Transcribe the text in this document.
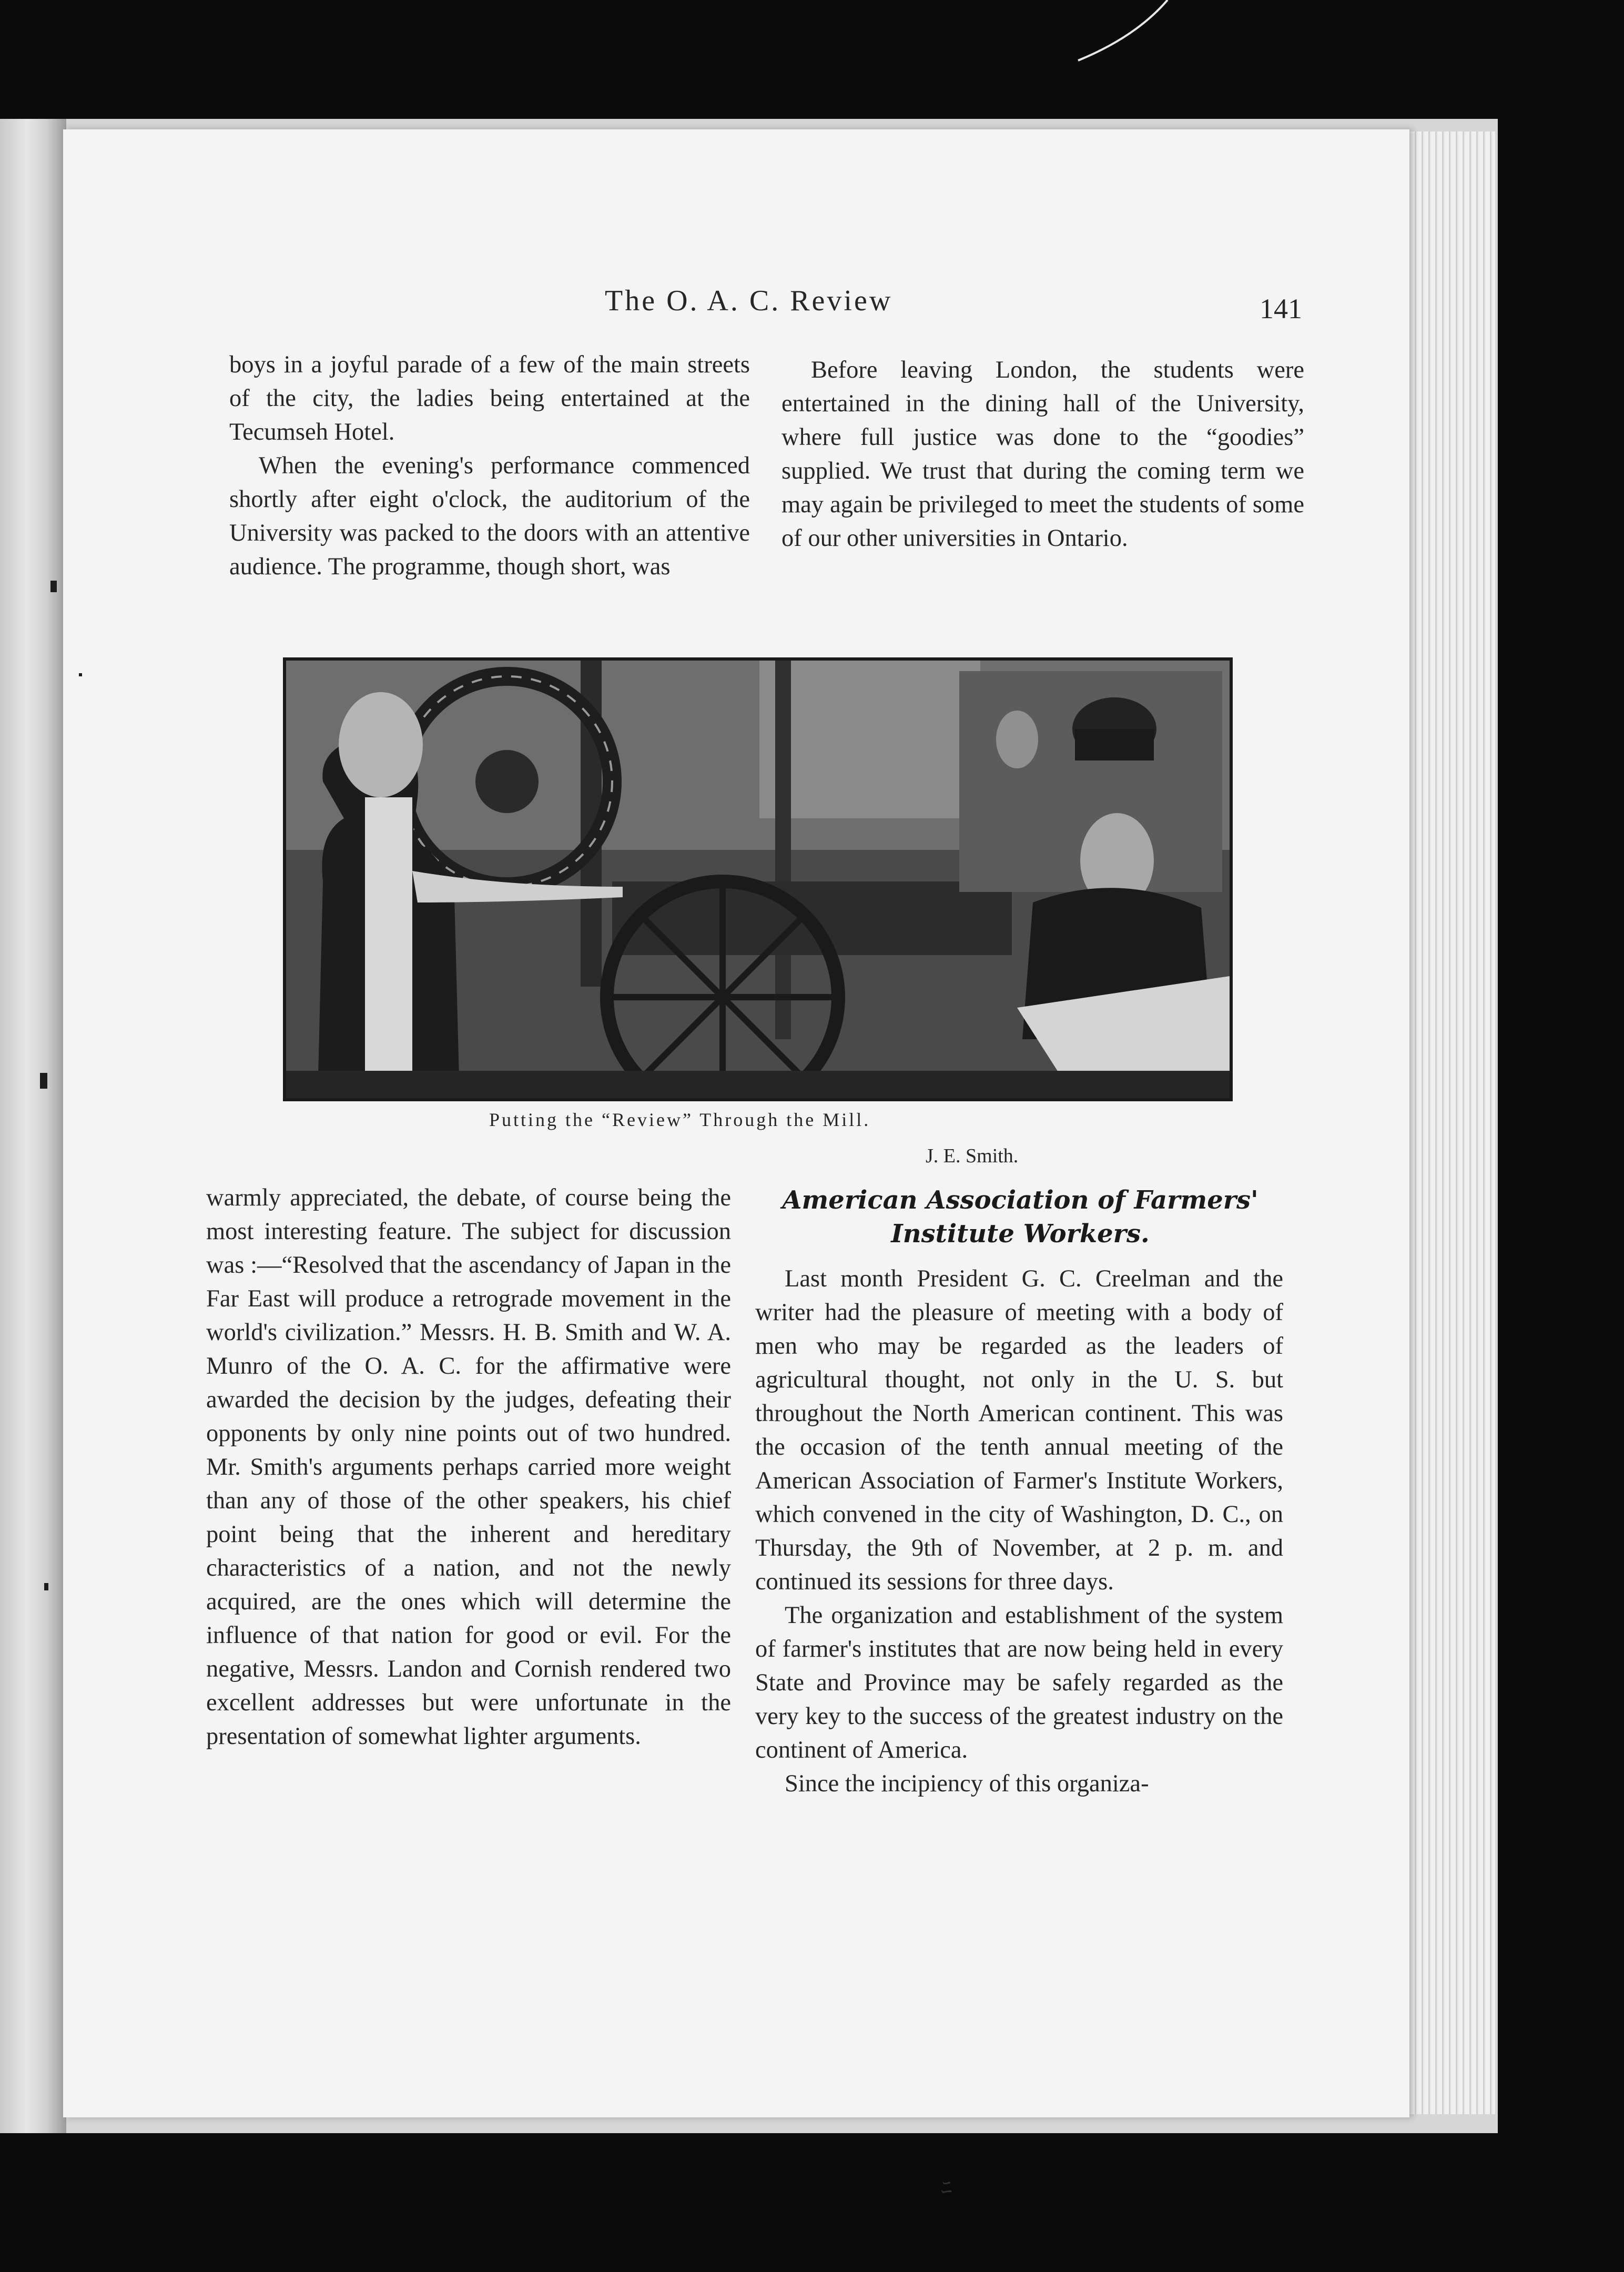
The O. A. C. Review	141

boys in a joyful parade of a few of the main streets of the city, the ladies being entertained at the Tecumseh Hotel.

When the evening's performance commenced shortly after eight o'clock, the auditorium of the University was packed to the doors with an attentive audience. The programme, though short, was

Before leaving London, the students were entertained in the dining hall of the University, where full justice was done to the “goodies” supplied. We trust that during the coming term we may again be privileged to meet the students of some of our other universities in Ontario.

Putting the “Review” Through the Mill.
J. E. Smith.

warmly appreciated, the debate, of course being the most interesting feature. The subject for discussion was :—“Resolved that the ascendancy of Japan in the Far East will produce a retrograde movement in the world's civilization.” Messrs. H. B. Smith and W. A. Munro of the O. A. C. for the affirmative were awarded the decision by the judges, defeating their opponents by only nine points out of two hundred. Mr. Smith's arguments perhaps carried more weight than any of those of the other speakers, his chief point being that the inherent and hereditary characteristics of a nation, and not the newly acquired, are the ones which will determine the influence of that nation for good or evil. For the negative, Messrs. Landon and Cornish rendered two excellent addresses but were unfortunate in the presentation of somewhat lighter arguments.

American Association of Farmers' Institute Workers.

Last month President G. C. Creelman and the writer had the pleasure of meeting with a body of men who may be regarded as the leaders of agricultural thought, not only in the U. S. but throughout the North American continent. This was the occasion of the tenth annual meeting of the American Association of Farmer's Institute Workers, which convened in the city of Washington, D. C., on Thursday, the 9th of November, at 2 p. m. and continued its sessions for three days.

The organization and establishment of the system of farmer's institutes that are now being held in every State and Province may be safely regarded as the very key to the success of the greatest industry on the continent of America.

Since the incipiency of this organiza-

ﾆ
